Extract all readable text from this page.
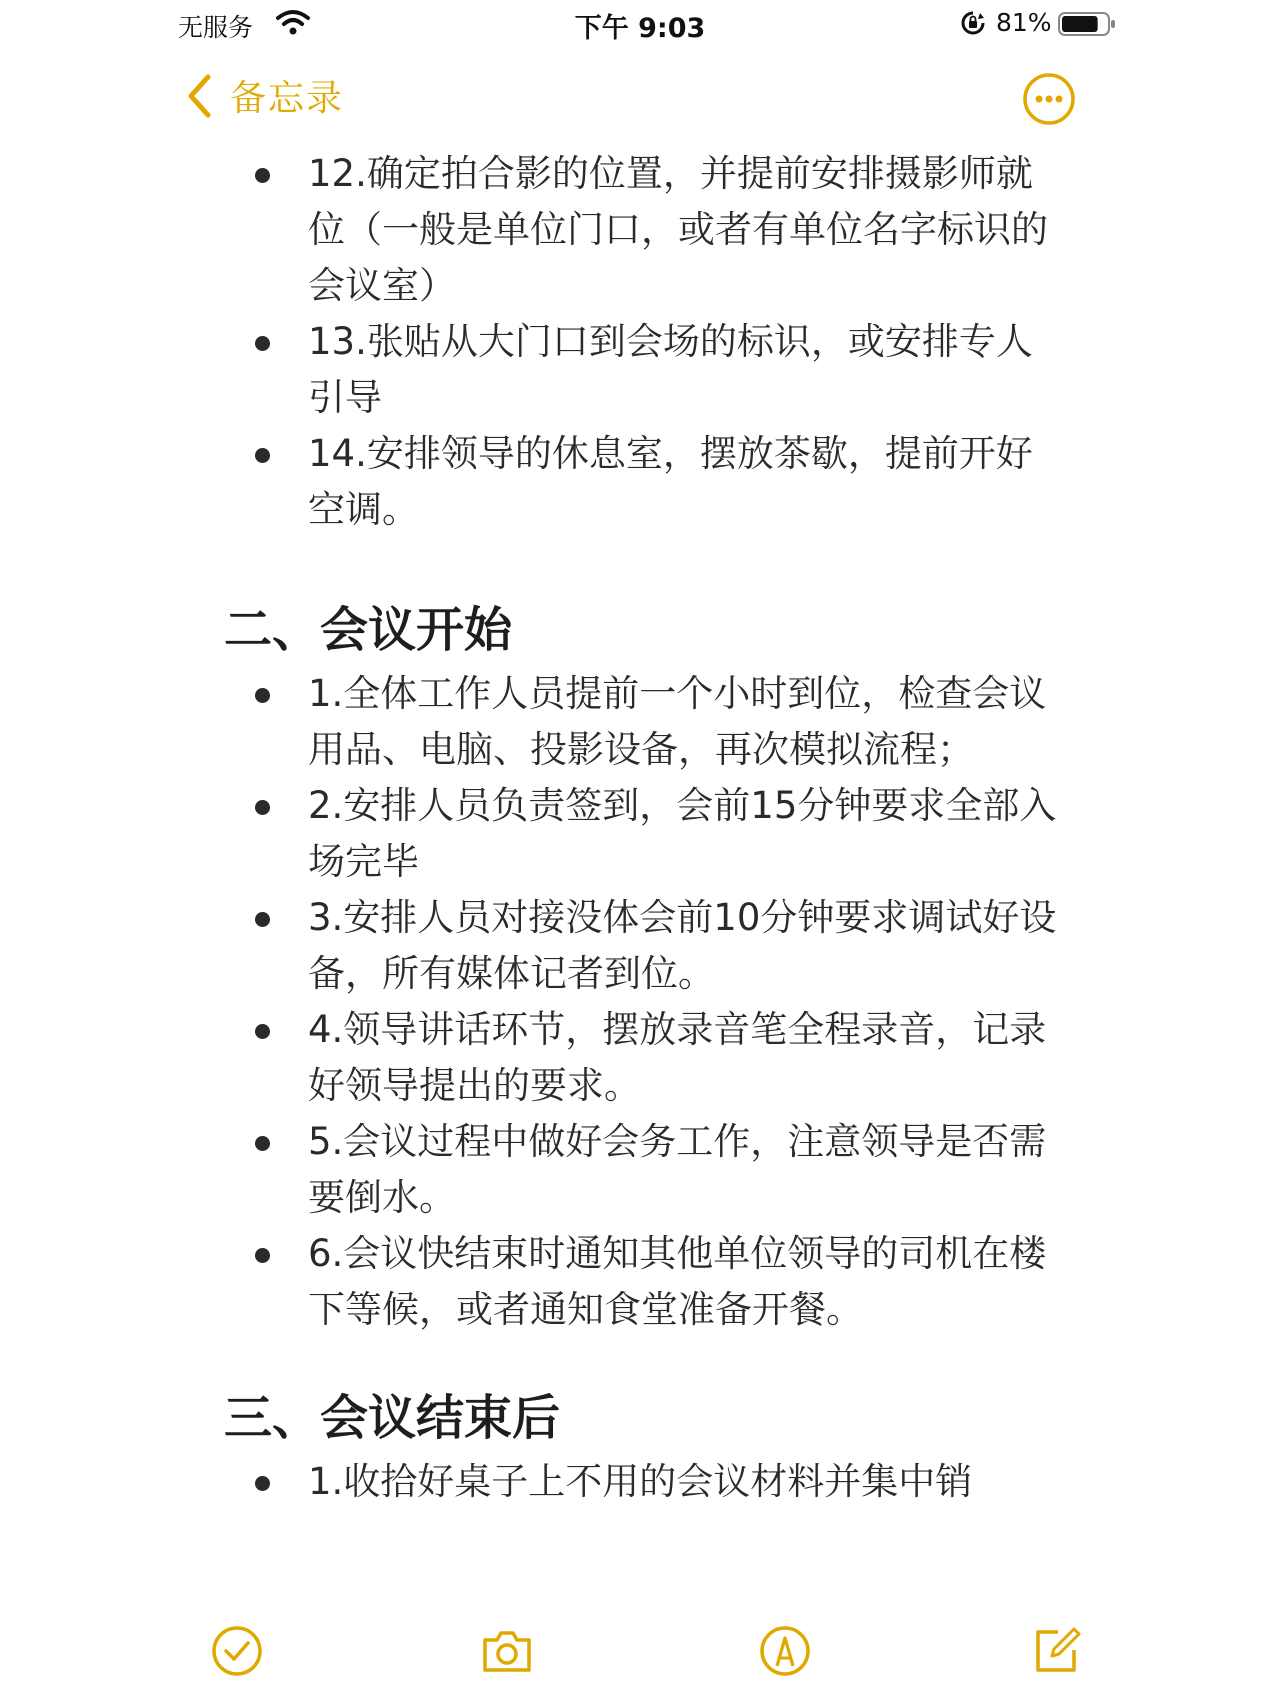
无服务	下午 9:03	81%
备忘录
12.确定拍合影的位置，并提前安排摄影师就位（一般是单位门口，或者有单位名字标识的会议室）
13.张贴从大门口到会场的标识，或安排专人引导
14.安排领导的休息室，摆放茶歇，提前开好空调。
二、会议开始
1.全体工作人员提前一个小时到位，检查会议用品、电脑、投影设备，再次模拟流程；
2.安排人员负责签到，会前15分钟要求全部入场完毕
3.安排人员对接没体会前10分钟要求调试好设备，所有媒体记者到位。
4.领导讲话环节，摆放录音笔全程录音，记录好领导提出的要求。
5.会议过程中做好会务工作，注意领导是否需要倒水。
6.会议快结束时通知其他单位领导的司机在楼下等候，或者通知食堂准备开餐。
三、会议结束后
1.收拾好桌子上不用的会议材料并集中销
